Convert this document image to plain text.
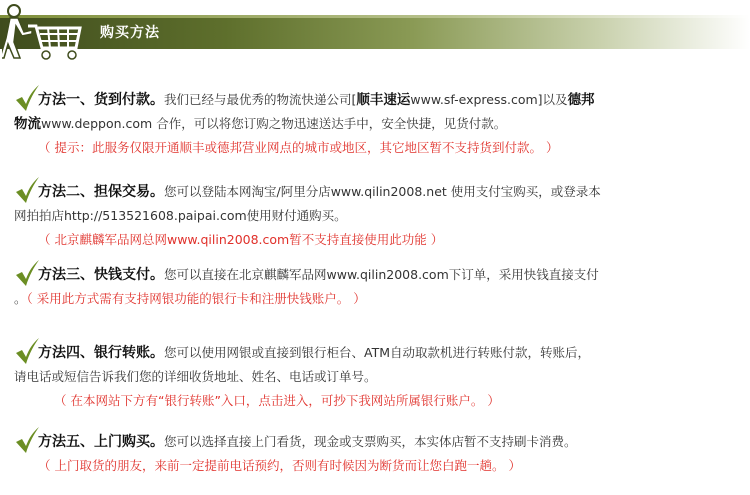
购买方法

方法一、货到付款。我们已经与最优秀的物流快递公司[顺丰速运www.sf-express.com]以及德邦

物流www.deppon.com 合作，可以将您订购之物迅速送达手中，安全快捷，见货付款。

（ 提示：此服务仅限开通顺丰或德邦营业网点的城市或地区，其它地区暂不支持货到付款。 ）

方法二、担保交易。您可以登陆本网淘宝/阿里分店www.qilin2008.net 使用支付宝购买，或登录本

网拍拍店http://513521608.paipai.com使用财付通购买。

（ 北京麒麟军品网总网www.qilin2008.com暂不支持直接使用此功能 ）

方法三、快钱支付。您可以直接在北京麒麟军品网www.qilin2008.com下订单，采用快钱直接支付

。（ 采用此方式需有支持网银功能的银行卡和注册快钱账户。 ）

方法四、银行转账。您可以使用网银或直接到银行柜台、ATM自动取款机进行转账付款，转账后，

请电话或短信告诉我们您的详细收货地址、姓名、电话或订单号。

（ 在本网站下方有“银行转账”入口，点击进入，可抄下我网站所属银行账户。 ）

方法五、上门购买。您可以选择直接上门看货，现金或支票购买，本实体店暂不支持刷卡消费。

（ 上门取货的朋友，来前一定提前电话预约，否则有时候因为断货而让您白跑一趟。 ）
